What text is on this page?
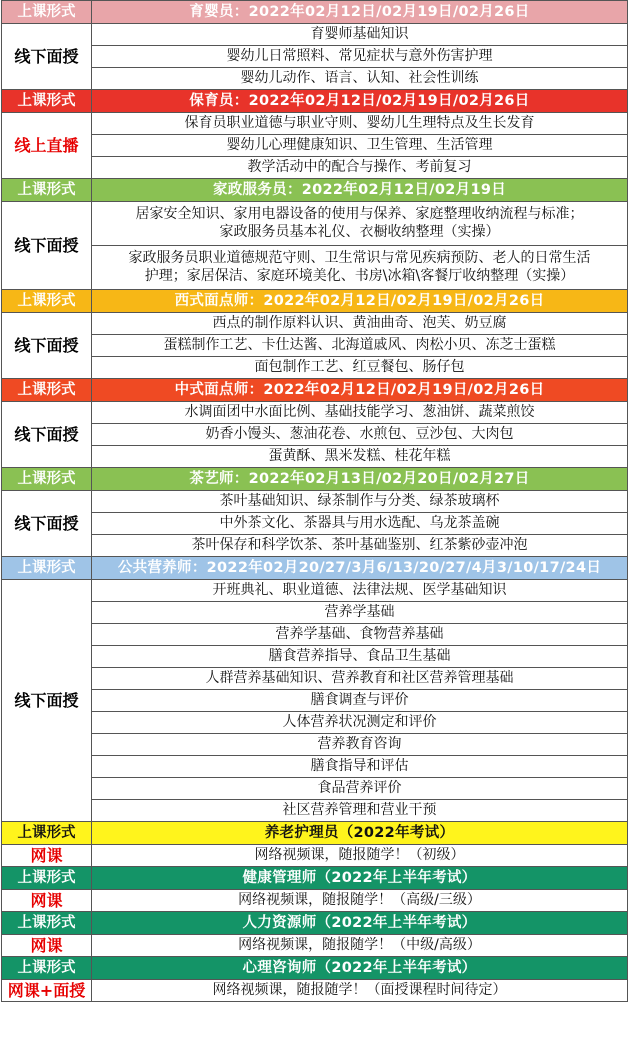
上课形式	育婴员：2022年02月12日/02月19日/02月26日
线下面授	育婴师基础知识
	婴幼儿日常照料、常见症状与意外伤害护理
	婴幼儿动作、语言、认知、社会性训练
上课形式	保育员：2022年02月12日/02月19日/02月26日
线上直播	保育员职业道德与职业守则、婴幼儿生理特点及生长发育
	婴幼儿心理健康知识、卫生管理、生活管理
	教学活动中的配合与操作、考前复习
上课形式	家政服务员：2022年02月12日/02月19日
线下面授	居家安全知识、家用电器设备的使用与保养、家庭整理收纳流程与标准；
家政服务员基本礼仪、衣橱收纳整理（实操）

	家政服务员职业道德规范守则、卫生常识与常见疾病预防、老人的日常生活
护理；家居保洁、家庭环境美化、书房\冰箱\客餐厅收纳整理（实操）

上课形式	西式面点师：2022年02月12日/02月19日/02月26日
线下面授	西点的制作原料认识、黄油曲奇、泡芙、奶豆腐
	蛋糕制作工艺、卡仕达酱、北海道戚风、肉松小贝、冻芝士蛋糕
	面包制作工艺、红豆餐包、肠仔包
上课形式	中式面点师：2022年02月12日/02月19日/02月26日
线下面授	水调面团中水面比例、基础技能学习、葱油饼、蔬菜煎饺
	奶香小馒头、葱油花卷、水煎包、豆沙包、大肉包
	蛋黄酥、黑米发糕、桂花年糕
上课形式	茶艺师：2022年02月13日/02月20日/02月27日
线下面授	茶叶基础知识、绿茶制作与分类、绿茶玻璃杯
	中外茶文化、茶器具与用水选配、乌龙茶盖碗
	茶叶保存和科学饮茶、茶叶基础鉴别、红茶紫砂壶冲泡
上课形式	公共营养师：2022年02月20/27/3月6/13/20/27/4月3/10/17/24日
线下面授	开班典礼、职业道德、法律法规、医学基础知识
	营养学基础
	营养学基础、食物营养基础
	膳食营养指导、食品卫生基础
	人群营养基础知识、营养教育和社区营养管理基础
	膳食调查与评价
	人体营养状况测定和评价
	营养教育咨询
	膳食指导和评估
	食品营养评价
	社区营养管理和营业干预
上课形式	养老护理员（2022年考试）
网课	网络视频课，随报随学！（初级）
上课形式	健康管理师（2022年上半年考试）
网课	网络视频课，随报随学！（高级/三级）
上课形式	人力资源师（2022年上半年考试）
网课	网络视频课，随报随学！（中级/高级）
上课形式	心理咨询师（2022年上半年考试）
网课+面授	网络视频课，随报随学！（面授课程时间待定）
